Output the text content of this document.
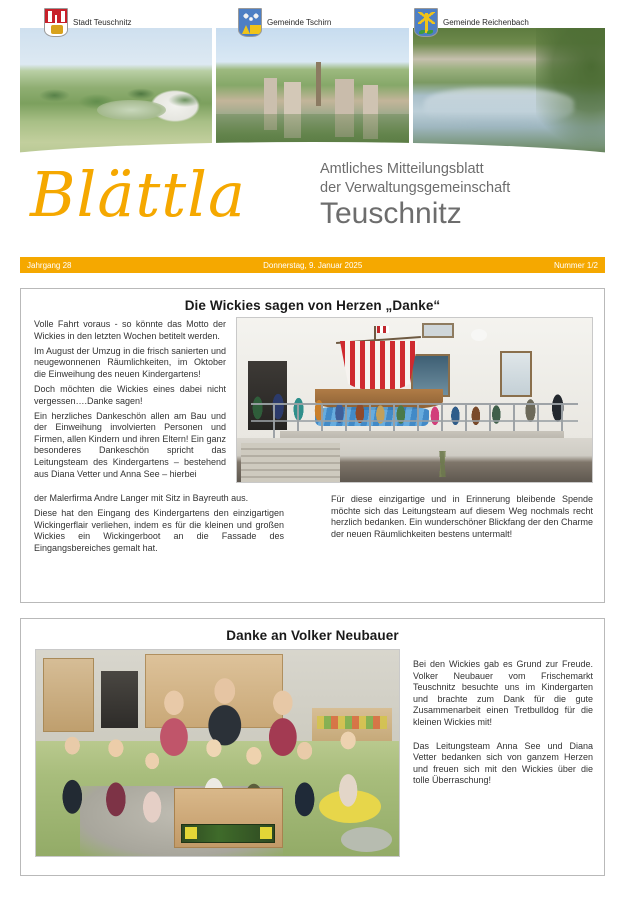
Stadt Teuschnitz	Gemeinde Tschirn	Gemeinde Reichenbach
Blättla	Amtliches Mitteilungsblatt
der Verwaltungsgemeinschaft
Teuschnitz
Jahrgang 28	Donnerstag, 9. Januar 2025	Nummer 1/2
Die Wickies sagen von Herzen „Danke“

Volle Fahrt voraus - so könnte das Motto der Wickies in den letzten Wochen betitelt werden.

Im August der Umzug in die frisch sanierten und neugewonnenen Räumlichkeiten, im Oktober die Einweihung des neuen Kindergartens!

Doch möchten die Wickies eines dabei nicht vergessen….Danke sagen!

Ein herzliches Dankeschön allen am Bau und der Einweihung involvierten Personen und Firmen, allen Kindern und ihren Eltern! Ein ganz besonderes Dankeschön spricht das Leitungsteam des Kindergartens – bestehend aus Diana Vetter und Anna See – hierbei

der Malerfirma Andre Langer mit Sitz in Bayreuth aus.

Diese hat den Eingang des Kindergartens den einzigartigen Wickingerflair verliehen, indem es für die kleinen und großen Wickies ein Wickingerboot an die Fassade des Eingangsbereiches gemalt hat.

Für diese einzigartige und in Erinnerung bleibende Spende möchte sich das Leitungsteam auf diesem Weg nochmals recht herzlich bedanken. Ein wunderschöner Blickfang der den Charme der neuen Räumlichkeiten bestens untermalt!

Danke an Volker Neubauer

Bei den Wickies gab es Grund zur Freude. Volker Neubauer vom Frischemarkt Teuschnitz besuchte uns im Kindergarten und brachte zum Dank für die gute Zusammenarbeit einen Tretbulldog für die kleinen Wickies mit!

Das Leitungsteam Anna See und Diana Vetter bedanken sich von ganzem Herzen und freuen sich mit den Wickies über die tolle Überraschung!
